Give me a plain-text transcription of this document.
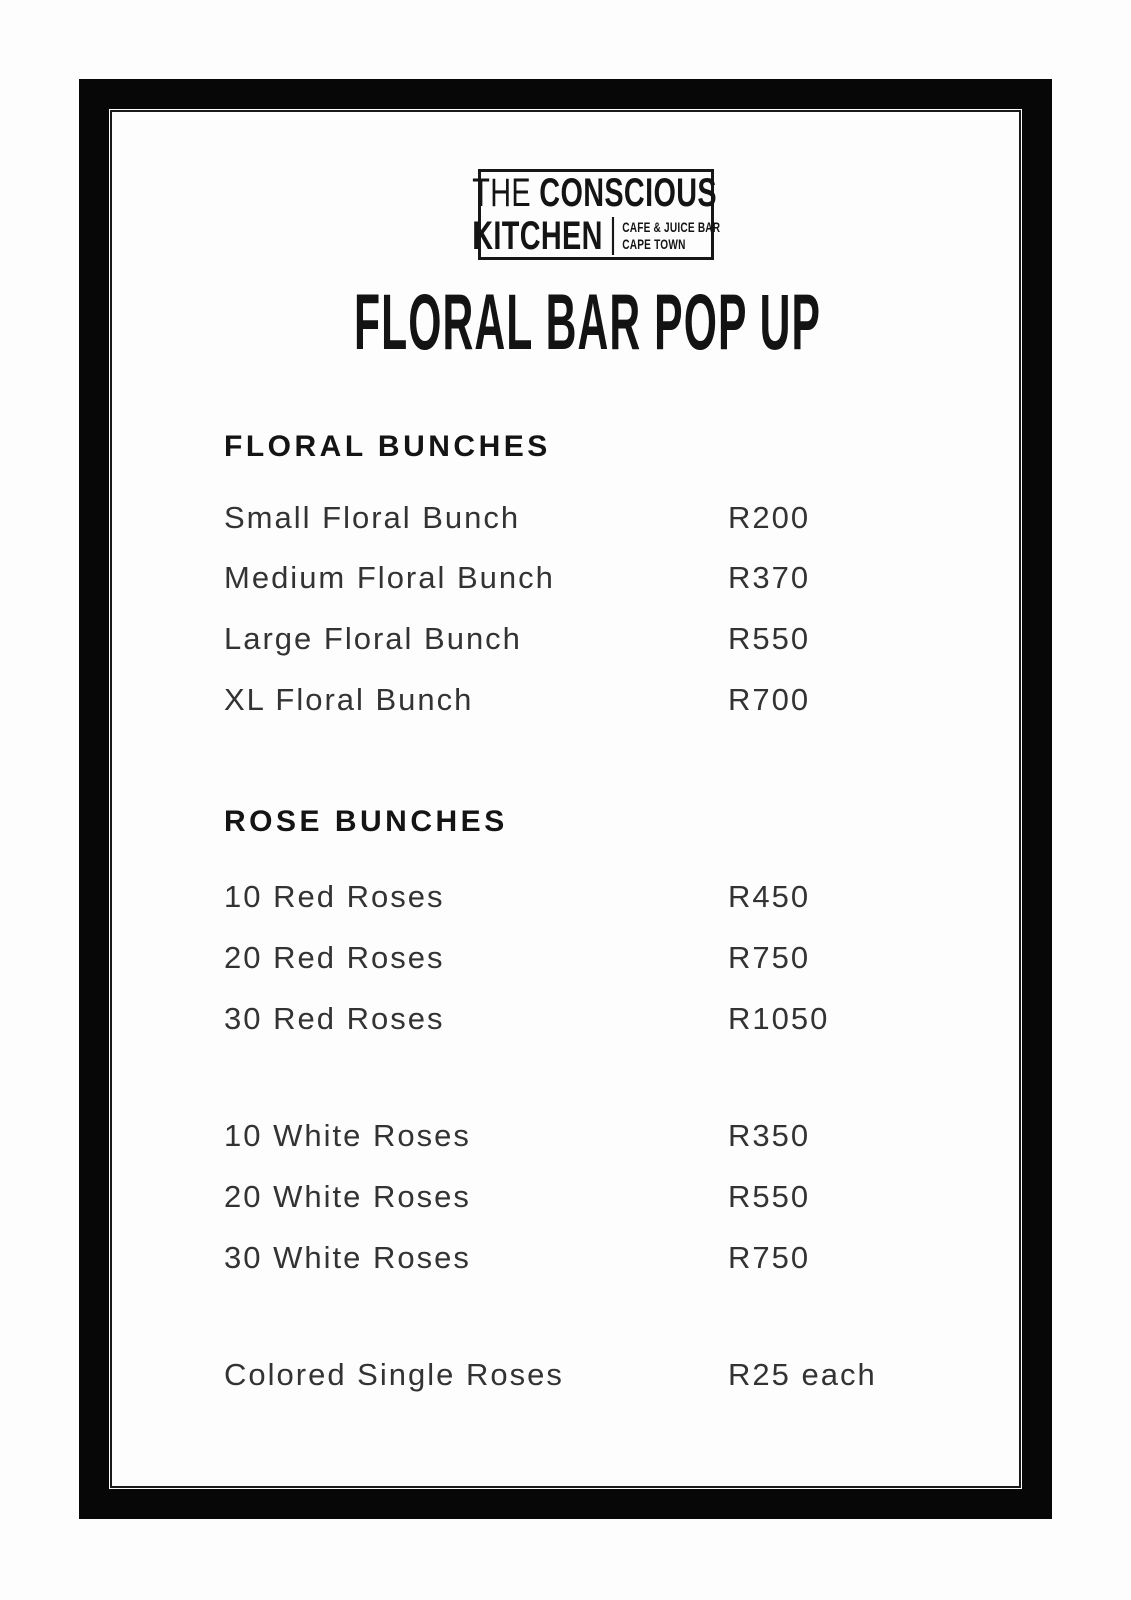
THE CONSCIOUS
KITCHEN CAFE & JUICE BAR
CAPE TOWN
FLORAL BAR POP UP
FLORAL BUNCHES
Small Floral Bunch	R200
Medium Floral Bunch	R370
Large Floral Bunch	R550
XL Floral Bunch	R700
ROSE BUNCHES
10 Red Roses	R450
20 Red Roses	R750
30 Red Roses	R1050
10 White Roses	R350
20 White Roses	R550
30 White Roses	R750
Colored Single Roses	R25 each
